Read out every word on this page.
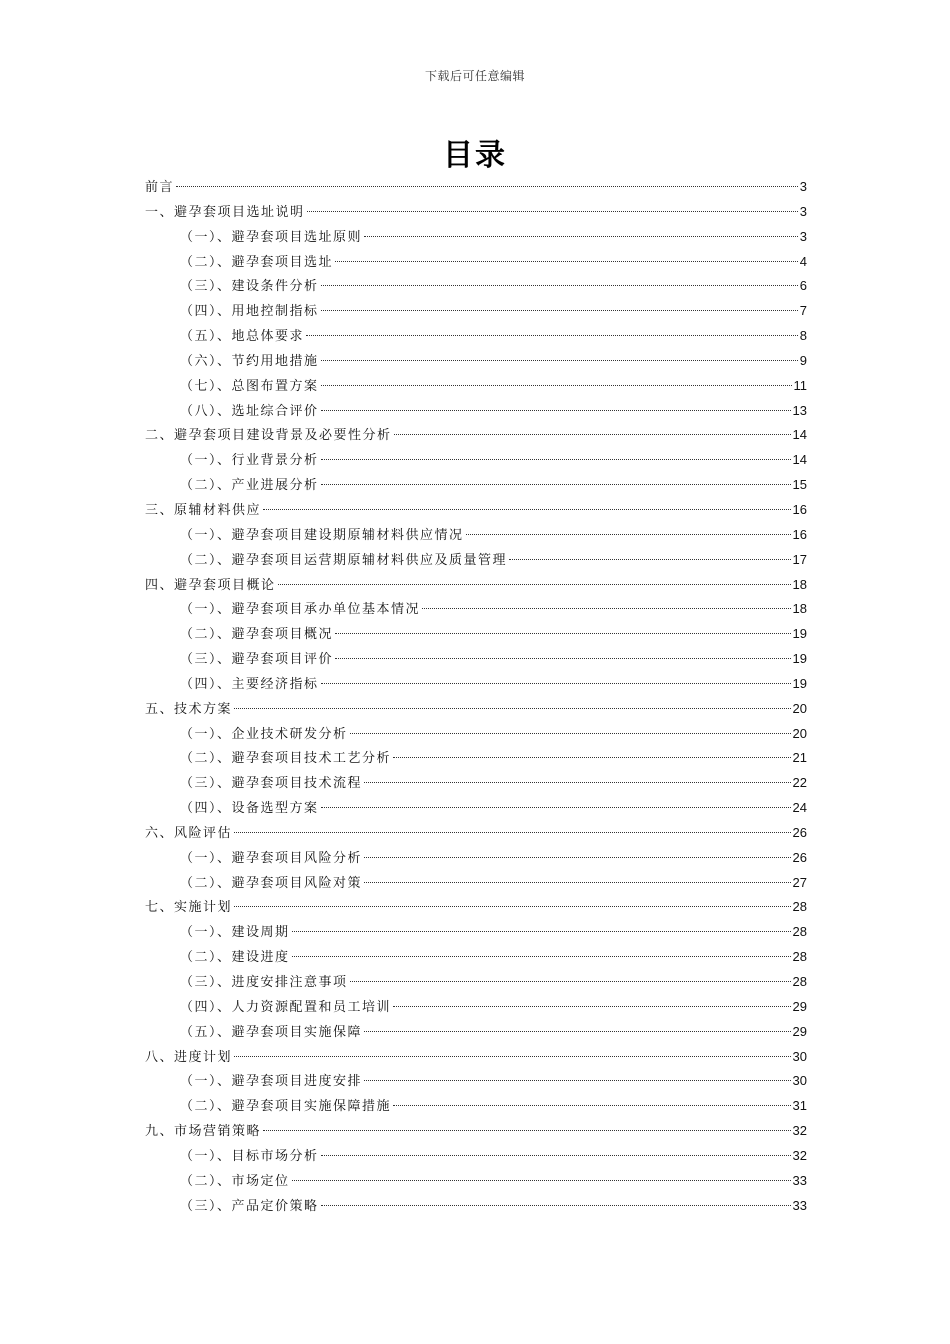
下载后可任意编辑
目录
前言	3
一、避孕套项目选址说明	3
（一）、避孕套项目选址原则	3
（二）、避孕套项目选址	4
（三）、建设条件分析	6
（四）、用地控制指标	7
（五）、地总体要求	8
（六）、节约用地措施	9
（七）、总图布置方案	11
（八）、选址综合评价	13
二、避孕套项目建设背景及必要性分析	14
（一）、行业背景分析	14
（二）、产业进展分析	15
三、原辅材料供应	16
（一）、避孕套项目建设期原辅材料供应情况	16
（二）、避孕套项目运营期原辅材料供应及质量管理	17
四、避孕套项目概论	18
（一）、避孕套项目承办单位基本情况	18
（二）、避孕套项目概况	19
（三）、避孕套项目评价	19
（四）、主要经济指标	19
五、技术方案	20
（一）、企业技术研发分析	20
（二）、避孕套项目技术工艺分析	21
（三）、避孕套项目技术流程	22
（四）、设备选型方案	24
六、风险评估	26
（一）、避孕套项目风险分析	26
（二）、避孕套项目风险对策	27
七、实施计划	28
（一）、建设周期	28
（二）、建设进度	28
（三）、进度安排注意事项	28
（四）、人力资源配置和员工培训	29
（五）、避孕套项目实施保障	29
八、进度计划	30
（一）、避孕套项目进度安排	30
（二）、避孕套项目实施保障措施	31
九、市场营销策略	32
（一）、目标市场分析	32
（二）、市场定位	33
（三）、产品定价策略	33
